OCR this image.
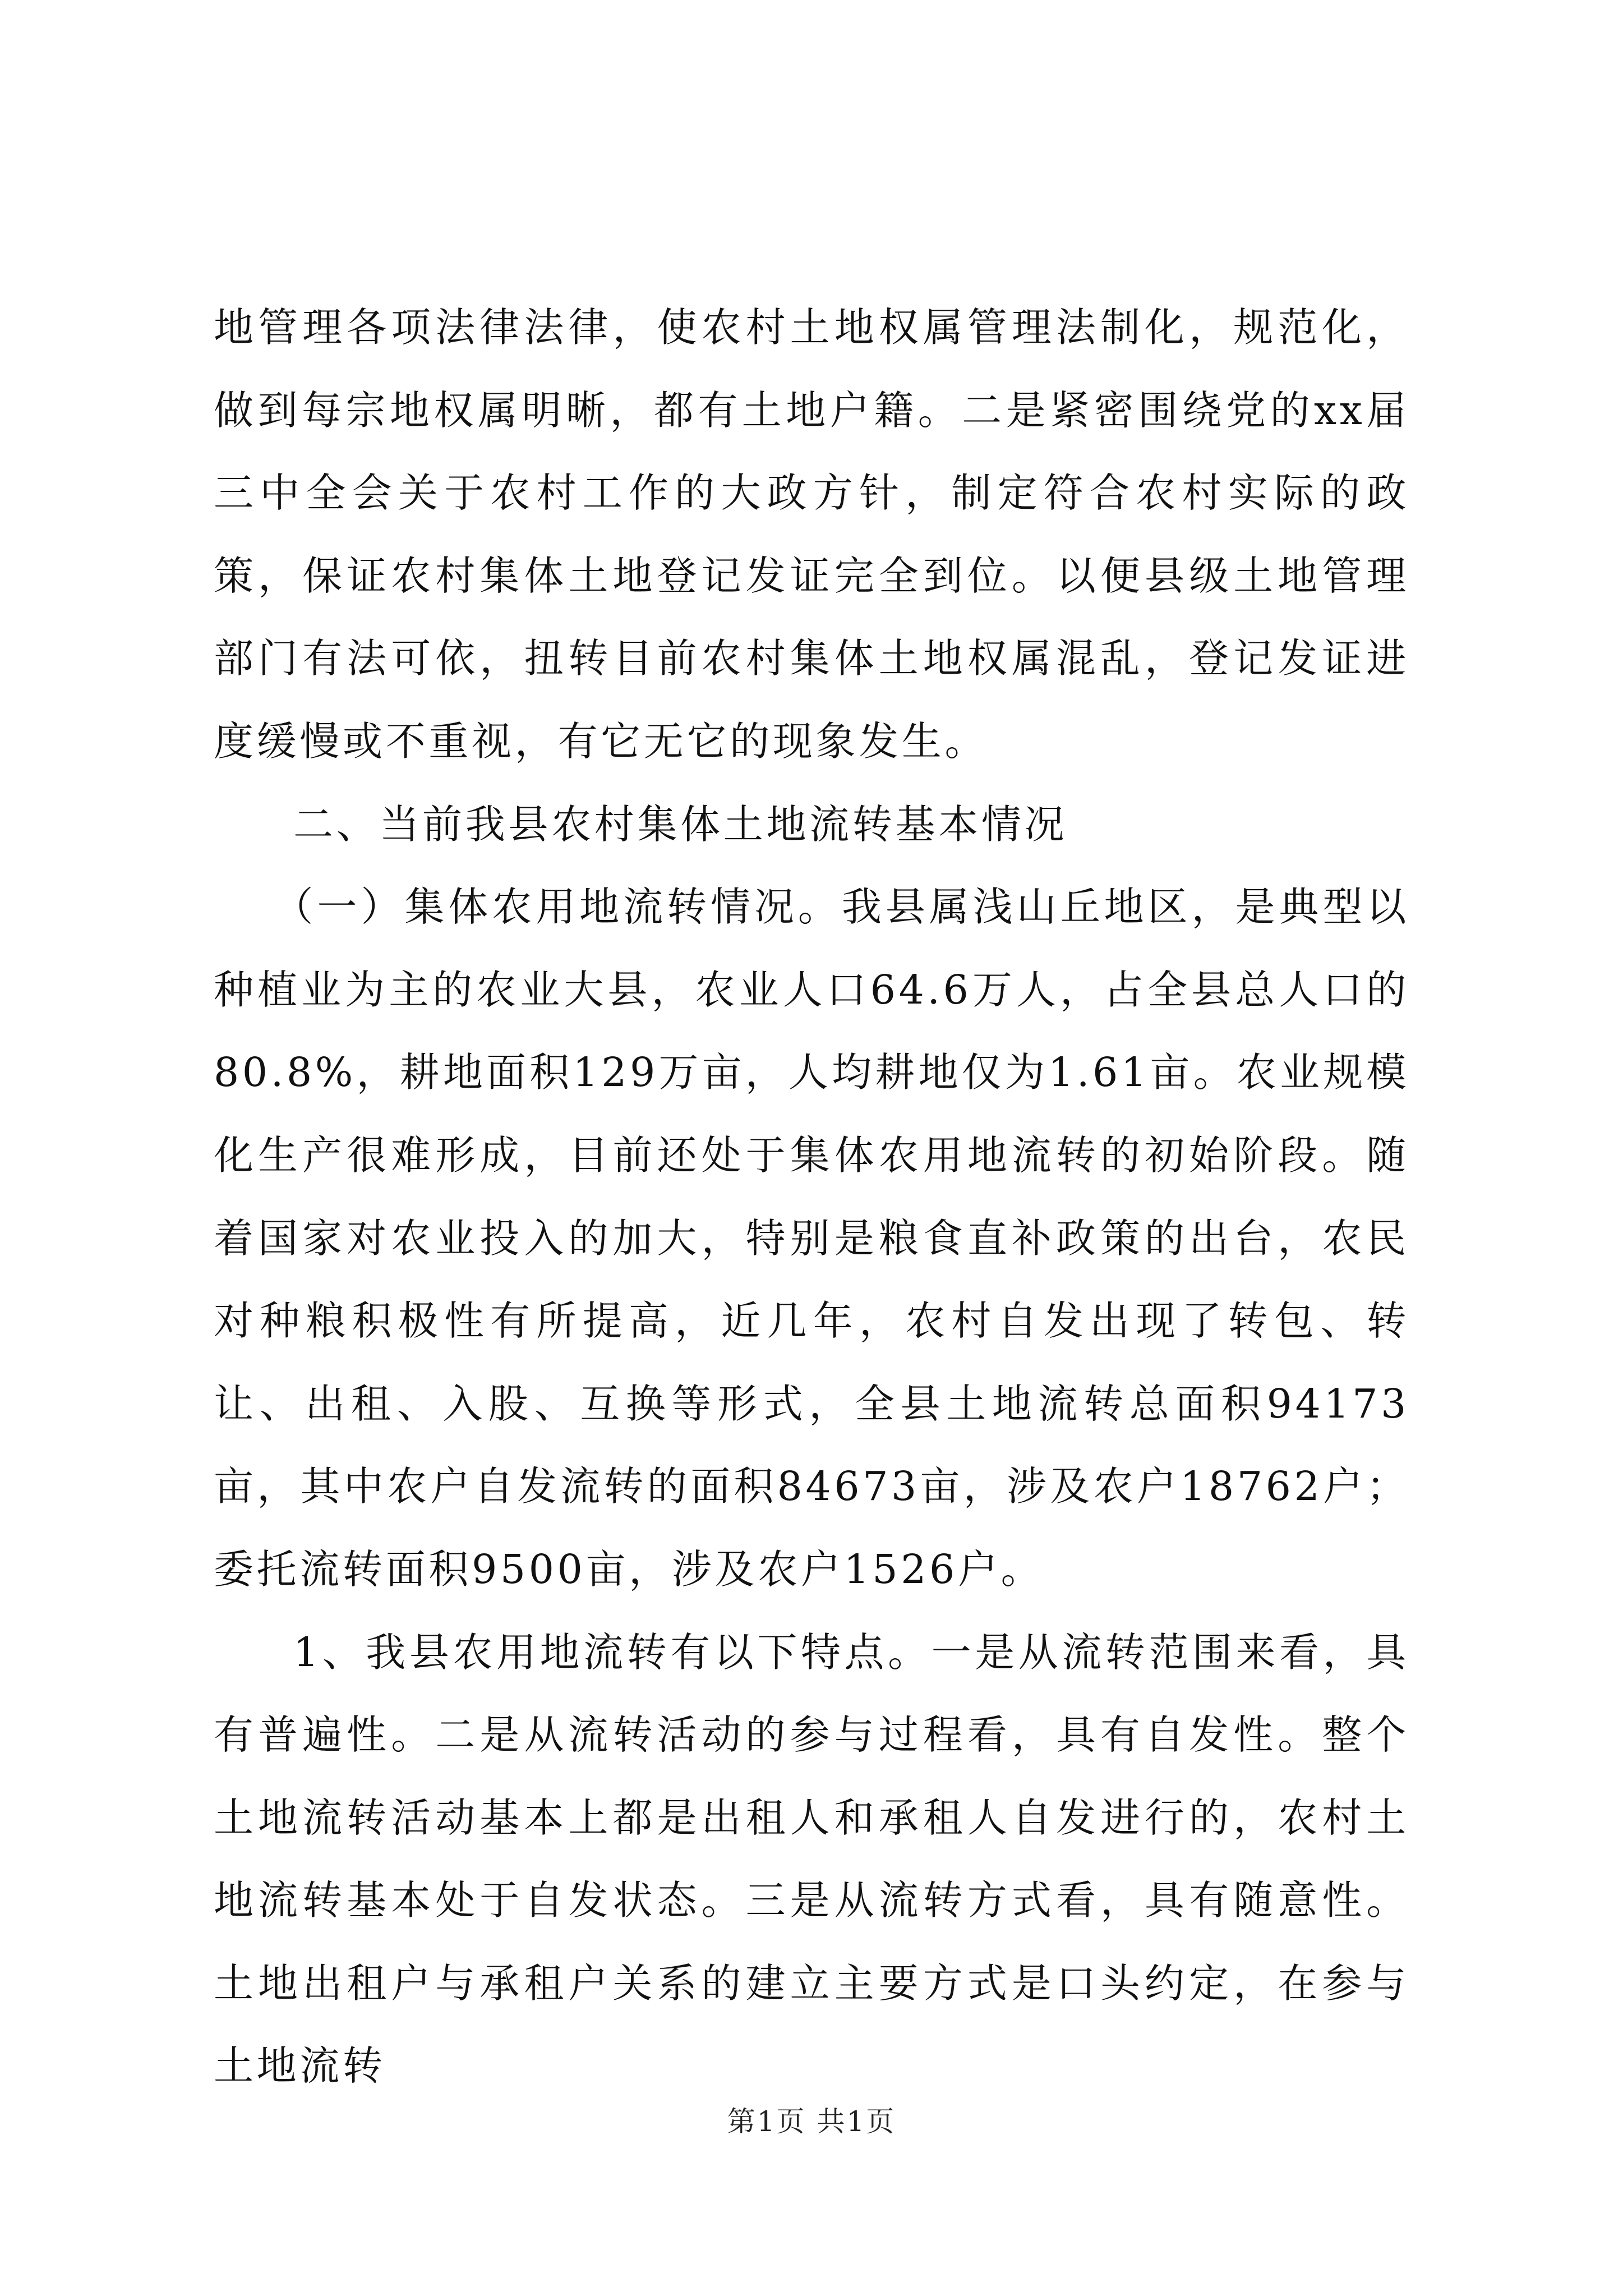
地管理各项法律法律，使农村土地权属管理法制化，规范化，做到每宗地权属明晰，都有土地户籍。二是紧密围绕党的xx届三中全会关于农村工作的大政方针，制定符合农村实际的政策，保证农村集体土地登记发证完全到位。以便县级土地管理部门有法可依，扭转目前农村集体土地权属混乱，登记发证进度缓慢或不重视，有它无它的现象发生。

二、当前我县农村集体土地流转基本情况

（一）集体农用地流转情况。我县属浅山丘地区，是典型以种植业为主的农业大县，农业人口64.6万人，占全县总人口的80.8%，耕地面积129万亩，人均耕地仅为1.61亩。农业规模化生产很难形成，目前还处于集体农用地流转的初始阶段。随着国家对农业投入的加大，特别是粮食直补政策的出台，农民对种粮积极性有所提高，近几年，农村自发出现了转包、转让、出租、入股、互换等形式，全县土地流转总面积94173亩，其中农户自发流转的面积84673亩，涉及农户18762户；委托流转面积9500亩，涉及农户1526户。

1、我县农用地流转有以下特点。一是从流转范围来看，具有普遍性。二是从流转活动的参与过程看，具有自发性。整个土地流转活动基本上都是出租人和承租人自发进行的，农村土地流转基本处于自发状态。三是从流转方式看，具有随意性。土地出租户与承租户关系的建立主要方式是口头约定，在参与土地流转

第1页 共1页
